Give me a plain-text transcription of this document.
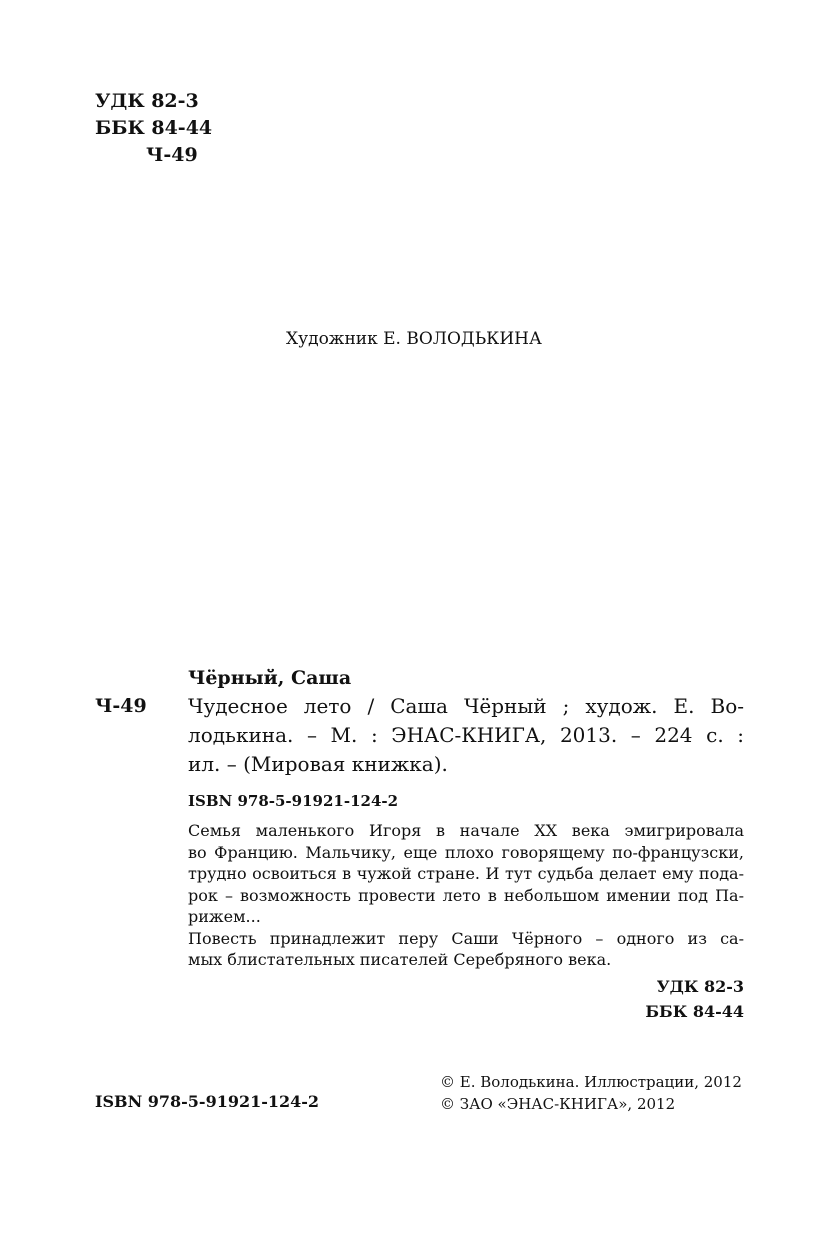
УДК 82-3
ББК 84-44
Ч-49
Художник Е. ВОЛОДЬКИНА
Чёрный, Саша
Ч-49 Чудесное лето / Саша Чёрный ; худож. Е. Во-
лодькина. – М. : ЭНАС-КНИГА, 2013. – 224 с. :
ил. – (Мировая книжка).
ISBN 978-5-91921-124-2
Семья маленького Игоря в начале XX века эмигрировала
во Францию. Мальчику, еще плохо говорящему по-французски,
трудно освоиться в чужой стране. И тут судьба делает ему пода-
рок – возможность провести лето в небольшом имении под Па-
рижем...
Повесть принадлежит перу Саши Чёрного – одного из са-
мых блистательных писателей Серебряного века.
УДК 82-3
ББК 84-44
ISBN 978-5-91921-124-2
© Е. Володькина. Иллюстрации, 2012
© ЗАО «ЭНАС-КНИГА», 2012
